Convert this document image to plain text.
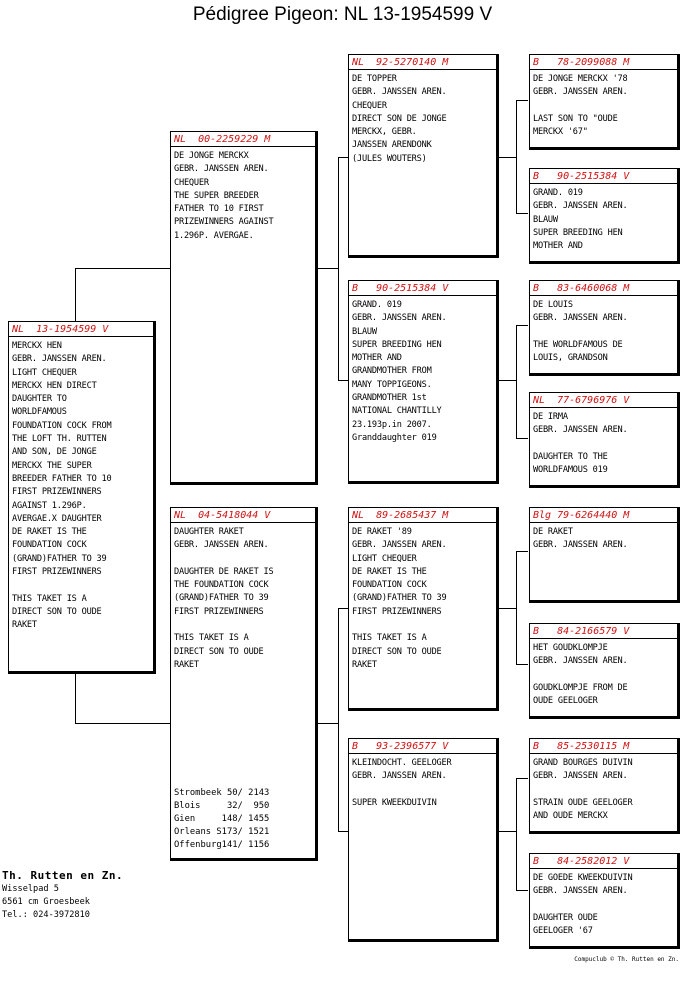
Pédigree Pigeon: NL 13-1954599 V
NL  13-1954599 V
MERCKX HEN
GEBR. JANSSEN AREN.
LIGHT CHEQUER
MERCKX HEN DIRECT
DAUGHTER TO
WORLDFAMOUS
FOUNDATION COCK FROM
THE LOFT TH. RUTTEN
AND SON, DE JONGE
MERCKX THE SUPER
BREEDER FATHER TO 10
FIRST PRIZEWINNERS
AGAINST 1.296P.
AVERGAE.X DAUGHTER
DE RAKET IS THE
FOUNDATION COCK
(GRAND)FATHER TO 39
FIRST PRIZEWINNERS

THIS TAKET IS A
DIRECT SON TO OUDE
RAKET
NL  00-2259229 M
DE JONGE MERCKX
GEBR. JANSSEN AREN.
CHEQUER
THE SUPER BREEDER
FATHER TO 10 FIRST
PRIZEWINNERS AGAINST
1.296P. AVERGAE.
NL  04-5418044 V
DAUGHTER RAKET
GEBR. JANSSEN AREN.

DAUGHTER DE RAKET IS
THE FOUNDATION COCK
(GRAND)FATHER TO 39
FIRST PRIZEWINNERS

THIS TAKET IS A
DIRECT SON TO OUDE
RAKET
Strombeek	50/ 2143
Blois	32/  950
Gien	148/ 1455
Orleans S	173/ 1521
Offenburg	141/ 1156
NL  92-5270140 M
DE TOPPER
GEBR. JANSSEN AREN.
CHEQUER
DIRECT SON DE JONGE
MERCKX, GEBR.
JANSSEN ARENDONK
(JULES WOUTERS)
B   90-2515384 V
GRAND. 019
GEBR. JANSSEN AREN.
BLAUW
SUPER BREEDING HEN
MOTHER AND
GRANDMOTHER FROM
MANY TOPPIGEONS.
GRANDMOTHER 1st
NATIONAL CHANTILLY
23.193p.in 2007.
Granddaughter 019
NL  89-2685437 M
DE RAKET '89
GEBR. JANSSEN AREN.
LIGHT CHEQUER
DE RAKET IS THE
FOUNDATION COCK
(GRAND)FATHER TO 39
FIRST PRIZEWINNERS

THIS TAKET IS A
DIRECT SON TO OUDE
RAKET
B   93-2396577 V
KLEINDOCHT. GEELOGER
GEBR. JANSSEN AREN.

SUPER KWEEKDUIVIN
B   78-2099088 M
DE JONGE MERCKX '78
GEBR. JANSSEN AREN.

LAST SON TO "OUDE
MERCKX '67"
B   90-2515384 V
GRAND. 019
GEBR. JANSSEN AREN.
BLAUW
SUPER BREEDING HEN
MOTHER AND
B   83-6460068 M
DE LOUIS
GEBR. JANSSEN AREN.

THE WORLDFAMOUS DE
LOUIS, GRANDSON
NL  77-6796976 V
DE IRMA
GEBR. JANSSEN AREN.

DAUGHTER TO THE
WORLDFAMOUS 019
Blg 79-6264440 M
DE RAKET
GEBR. JANSSEN AREN.
B   84-2166579 V
HET GOUDKLOMPJE
GEBR. JANSSEN AREN.

GOUDKLOMPJE FROM DE
OUDE GEELOGER
B   85-2530115 M
GRAND BOURGES DUIVIN
GEBR. JANSSEN AREN.

STRAIN OUDE GEELOGER
AND OUDE MERCKX
B   84-2582012 V
DE GOEDE KWEEKDUIVIN
GEBR. JANSSEN AREN.

DAUGHTER OUDE
GEELOGER '67
Th. Rutten en Zn.
Wisselpad 5
6561 cm Groesbeek
Tel.: 024-3972810
Compuclub © Th. Rutten en Zn.
